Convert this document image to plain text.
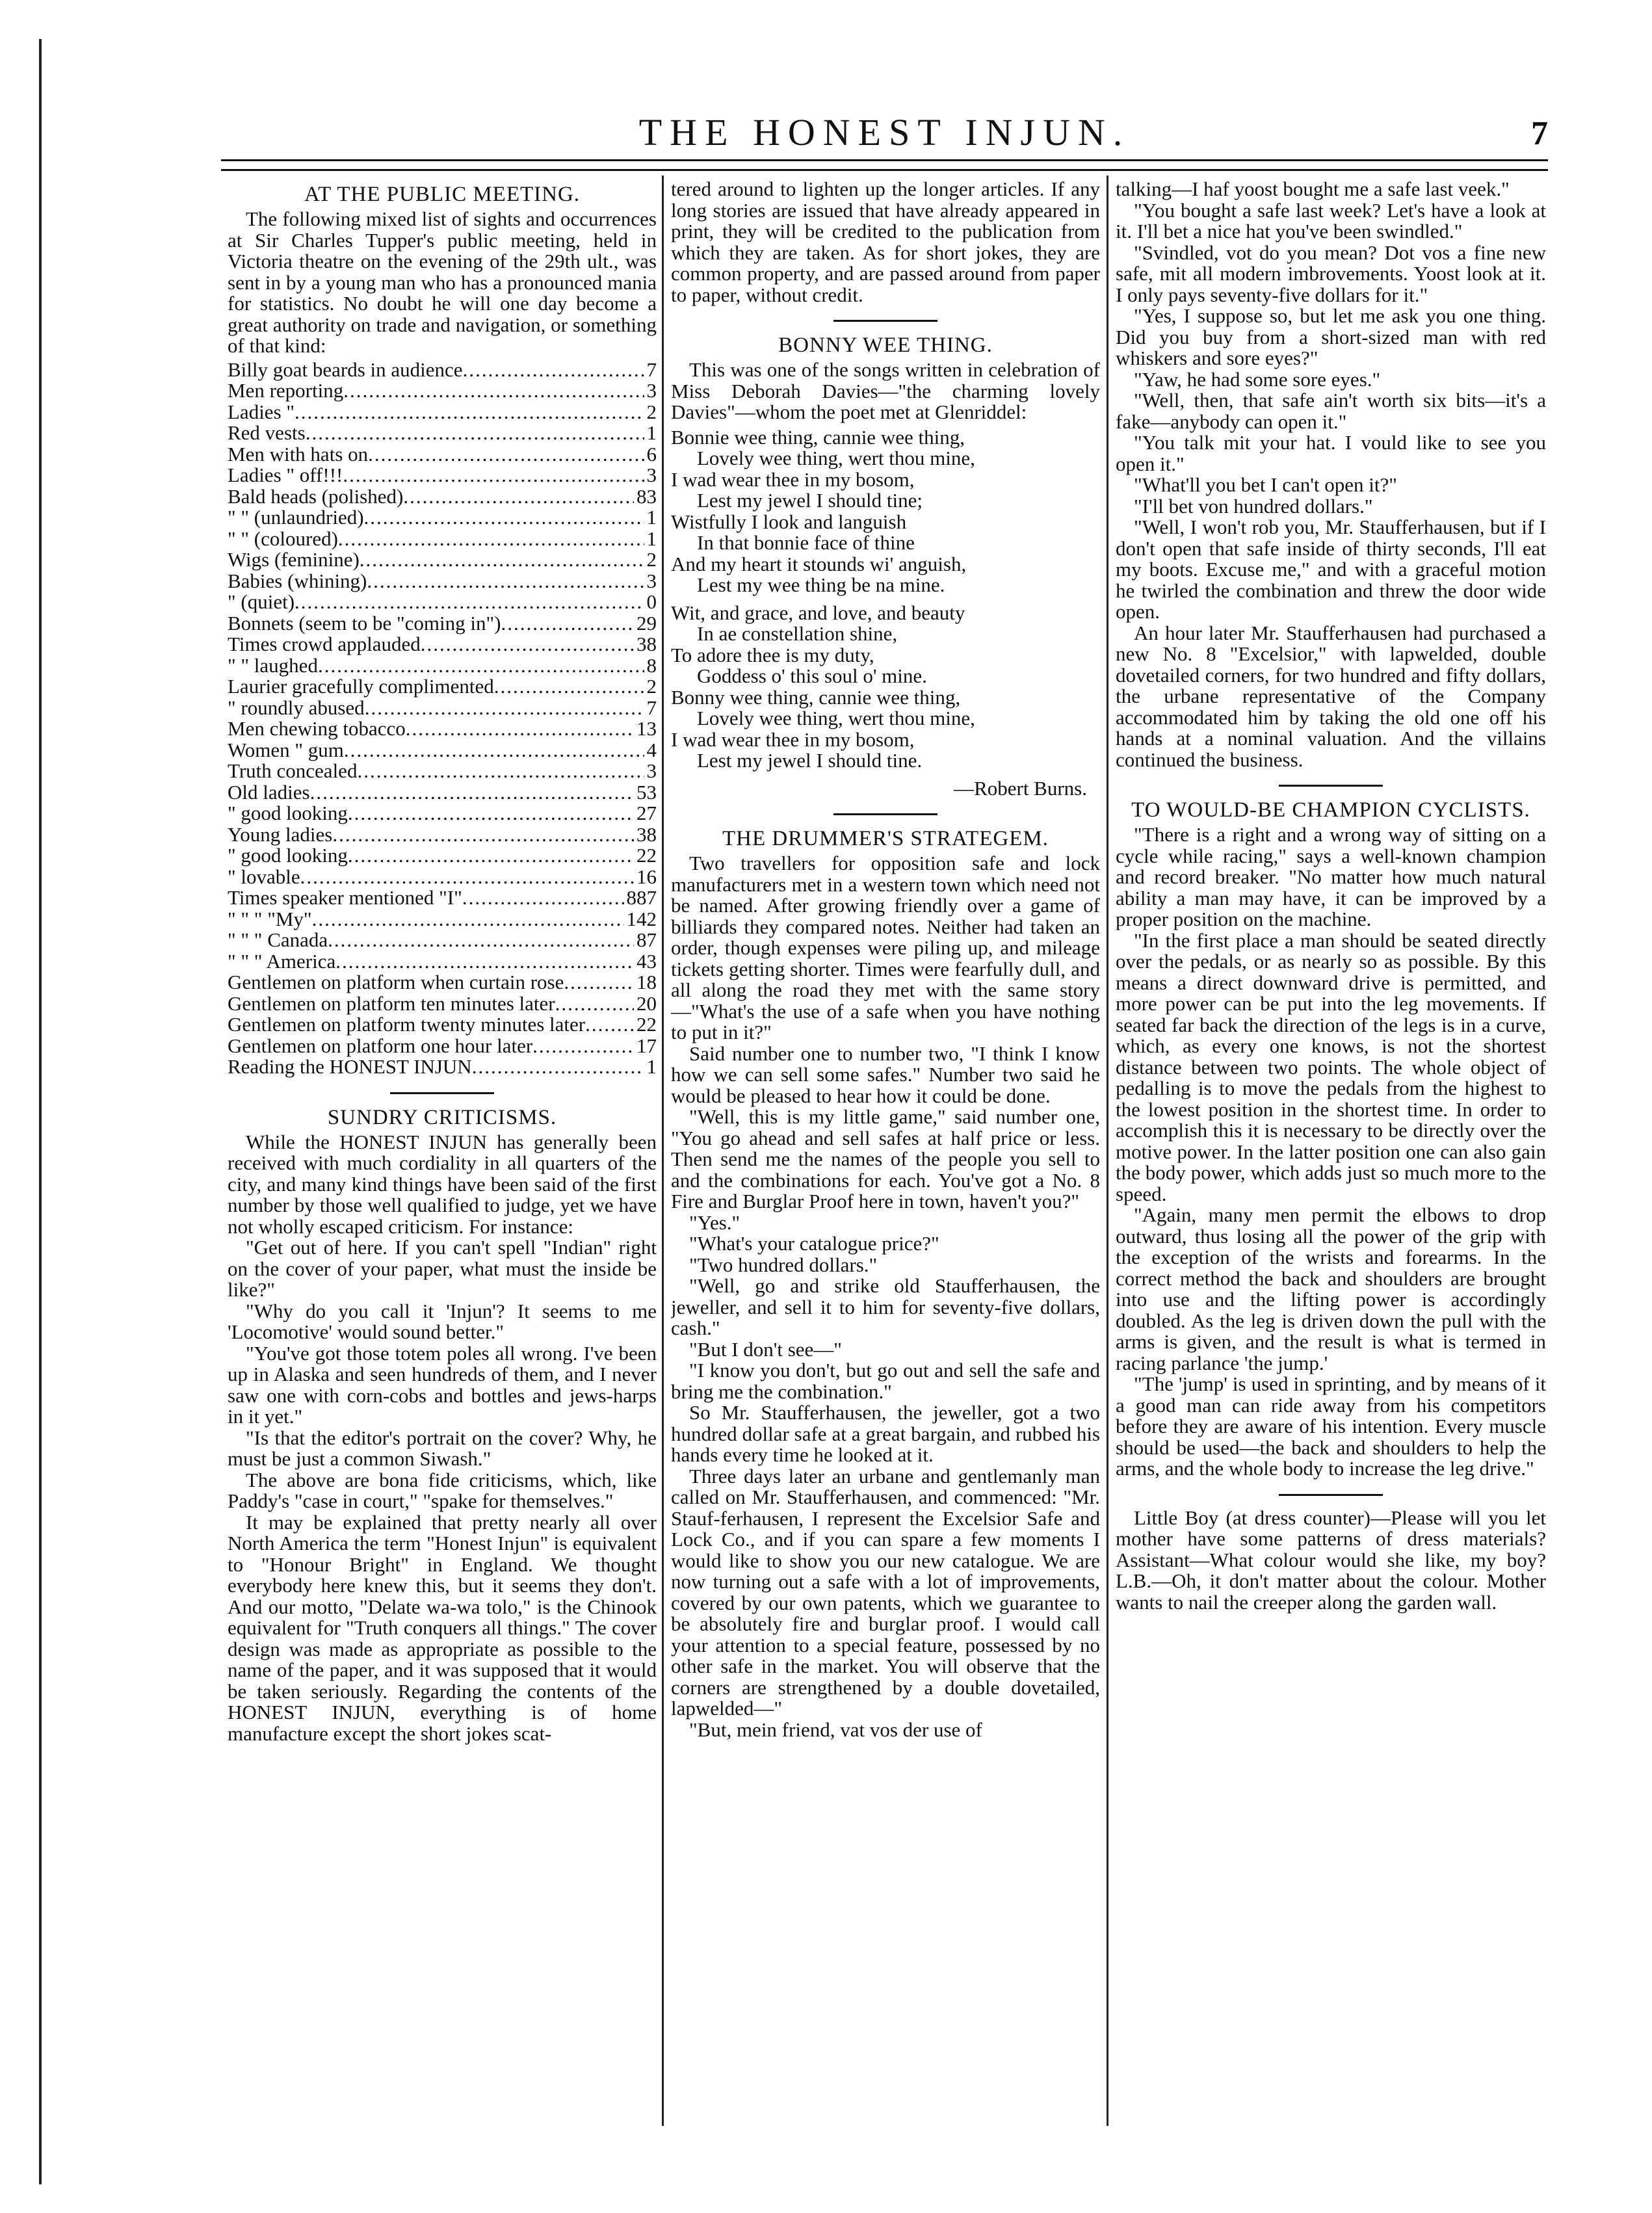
THE HONEST INJUN.	7
AT THE PUBLIC MEETING.

The following mixed list of sights and occurrences at Sir Charles Tupper's public meeting, held in Victoria theatre on the evening of the 29th ult., was sent in by a young man who has a pronounced mania for statistics. No doubt he will one day become a great authority on trade and navigation, or something of that kind:

Billy goat beards in audience .....	7
Men reporting .....	3
Ladies " .....	2
Red vests .....	1
Men with hats on .....	6
Ladies " off!!! .....	3
Bald heads (polished) .....	83
" " (unlaundried) .....	1
" " (coloured) .....	1
Wigs (feminine) .....	2
Babies (whining) .....	3
" (quiet) .....	0
Bonnets (seem to be "coming in") .....	29
Times crowd applauded .....	38
" " laughed .....	8
Laurier gracefully complimented .....	2
" roundly abused .....	7
Men chewing tobacco .....	13
Women " gum .....	4
Truth concealed .....	3
Old ladies .....	53
" good looking .....	27
Young ladies .....	38
" good looking .....	22
" lovable .....	16
Times speaker mentioned "I" .....	887
" " " "My" .....	142
" " " Canada .....	87
" " " America .....	43
Gentlemen on platform when curtain rose .....	18
Gentlemen on platform ten minutes later .....	20
Gentlemen on platform twenty minutes later .....	22
Gentlemen on platform one hour later .....	17
Reading the HONEST INJUN .....	1
SUNDRY CRITICISMS.

While the HONEST INJUN has generally been received with much cordiality in all quarters of the city, and many kind things have been said of the first number by those well qualified to judge, yet we have not wholly escaped criticism. For instance:

"Get out of here. If you can't spell "Indian" right on the cover of your paper, what must the inside be like?"

"Why do you call it 'Injun'? It seems to me 'Locomotive' would sound better."

"You've got those totem poles all wrong. I've been up in Alaska and seen hundreds of them, and I never saw one with corn-cobs and bottles and jews-harps in it yet."

"Is that the editor's portrait on the cover? Why, he must be just a common Siwash."

The above are bona fide criticisms, which, like Paddy's "case in court," "spake for themselves."

It may be explained that pretty nearly all over North America the term "Honest Injun" is equivalent to "Honour Bright" in England. We thought everybody here knew this, but it seems they don't. And our motto, "Delate wa-wa tolo," is the Chinook equivalent for "Truth conquers all things." The cover design was made as appropriate as possible to the name of the paper, and it was supposed that it would be taken seriously. Regarding the contents of the HONEST INJUN, everything is of home manufacture except the short jokes scat-

tered around to lighten up the longer articles. If any long stories are issued that have already appeared in print, they will be credited to the publication from which they are taken. As for short jokes, they are common property, and are passed around from paper to paper, without credit.

BONNY WEE THING.

This was one of the songs written in celebration of Miss Deborah Davies—"the charming lovely Davies"—whom the poet met at Glenriddel:

Bonnie wee thing, cannie wee thing,
Lovely wee thing, wert thou mine,
I wad wear thee in my bosom,
Lest my jewel I should tine;
Wistfully I look and languish
In that bonnie face of thine
And my heart it stounds wi' anguish,
Lest my wee thing be na mine.
Wit, and grace, and love, and beauty
In ae constellation shine,
To adore thee is my duty,
Goddess o' this soul o' mine.
Bonny wee thing, cannie wee thing,
Lovely wee thing, wert thou mine,
I wad wear thee in my bosom,
Lest my jewel I should tine.
—Robert Burns.
THE DRUMMER'S STRATEGEM.

Two travellers for opposition safe and lock manufacturers met in a western town which need not be named. After growing friendly over a game of billiards they compared notes. Neither had taken an order, though expenses were piling up, and mileage tickets getting shorter. Times were fearfully dull, and all along the road they met with the same story—"What's the use of a safe when you have nothing to put in it?"

Said number one to number two, "I think I know how we can sell some safes." Number two said he would be pleased to hear how it could be done.

"Well, this is my little game," said number one, "You go ahead and sell safes at half price or less. Then send me the names of the people you sell to and the combinations for each. You've got a No. 8 Fire and Burglar Proof here in town, haven't you?"

"Yes."

"What's your catalogue price?"

"Two hundred dollars."

"Well, go and strike old Staufferhausen, the jeweller, and sell it to him for seventy-five dollars, cash."

"But I don't see—"

"I know you don't, but go out and sell the safe and bring me the combination."

So Mr. Staufferhausen, the jeweller, got a two hundred dollar safe at a great bargain, and rubbed his hands every time he looked at it.

Three days later an urbane and gentlemanly man called on Mr. Staufferhausen, and commenced: "Mr. Stauf-ferhausen, I represent the Excelsior Safe and Lock Co., and if you can spare a few moments I would like to show you our new catalogue. We are now turning out a safe with a lot of improvements, covered by our own patents, which we guarantee to be absolutely fire and burglar proof. I would call your attention to a special feature, possessed by no other safe in the market. You will observe that the corners are strengthened by a double dovetailed, lapwelded—"

"But, mein friend, vat vos der use of

talking—I haf yoost bought me a safe last veek."

"You bought a safe last week? Let's have a look at it. I'll bet a nice hat you've been swindled."

"Svindled, vot do you mean? Dot vos a fine new safe, mit all modern imbrovements. Yoost look at it. I only pays seventy-five dollars for it."

"Yes, I suppose so, but let me ask you one thing. Did you buy from a short-sized man with red whiskers and sore eyes?"

"Yaw, he had some sore eyes."

"Well, then, that safe ain't worth six bits—it's a fake—anybody can open it."

"You talk mit your hat. I vould like to see you open it."

"What'll you bet I can't open it?"

"I'll bet von hundred dollars."

"Well, I won't rob you, Mr. Staufferhausen, but if I don't open that safe inside of thirty seconds, I'll eat my boots. Excuse me," and with a graceful motion he twirled the combination and threw the door wide open.

An hour later Mr. Staufferhausen had purchased a new No. 8 "Excelsior," with lapwelded, double dovetailed corners, for two hundred and fifty dollars, the urbane representative of the Company accommodated him by taking the old one off his hands at a nominal valuation. And the villains continued the business.

TO WOULD-BE CHAMPION CYCLISTS.

"There is a right and a wrong way of sitting on a cycle while racing," says a well-known champion and record breaker. "No matter how much natural ability a man may have, it can be improved by a proper position on the machine.

"In the first place a man should be seated directly over the pedals, or as nearly so as possible. By this means a direct downward drive is permitted, and more power can be put into the leg movements. If seated far back the direction of the legs is in a curve, which, as every one knows, is not the shortest distance between two points. The whole object of pedalling is to move the pedals from the highest to the lowest position in the shortest time. In order to accomplish this it is necessary to be directly over the motive power. In the latter position one can also gain the body power, which adds just so much more to the speed.

"Again, many men permit the elbows to drop outward, thus losing all the power of the grip with the exception of the wrists and forearms. In the correct method the back and shoulders are brought into use and the lifting power is accordingly doubled. As the leg is driven down the pull with the arms is given, and the result is what is termed in racing parlance 'the jump.'

"The 'jump' is used in sprinting, and by means of it a good man can ride away from his competitors before they are aware of his intention. Every muscle should be used—the back and shoulders to help the arms, and the whole body to increase the leg drive."

Little Boy (at dress counter)—Please will you let mother have some patterns of dress materials? Assistant—What colour would she like, my boy? L.B.—Oh, it don't matter about the colour. Mother wants to nail the creeper along the garden wall.
